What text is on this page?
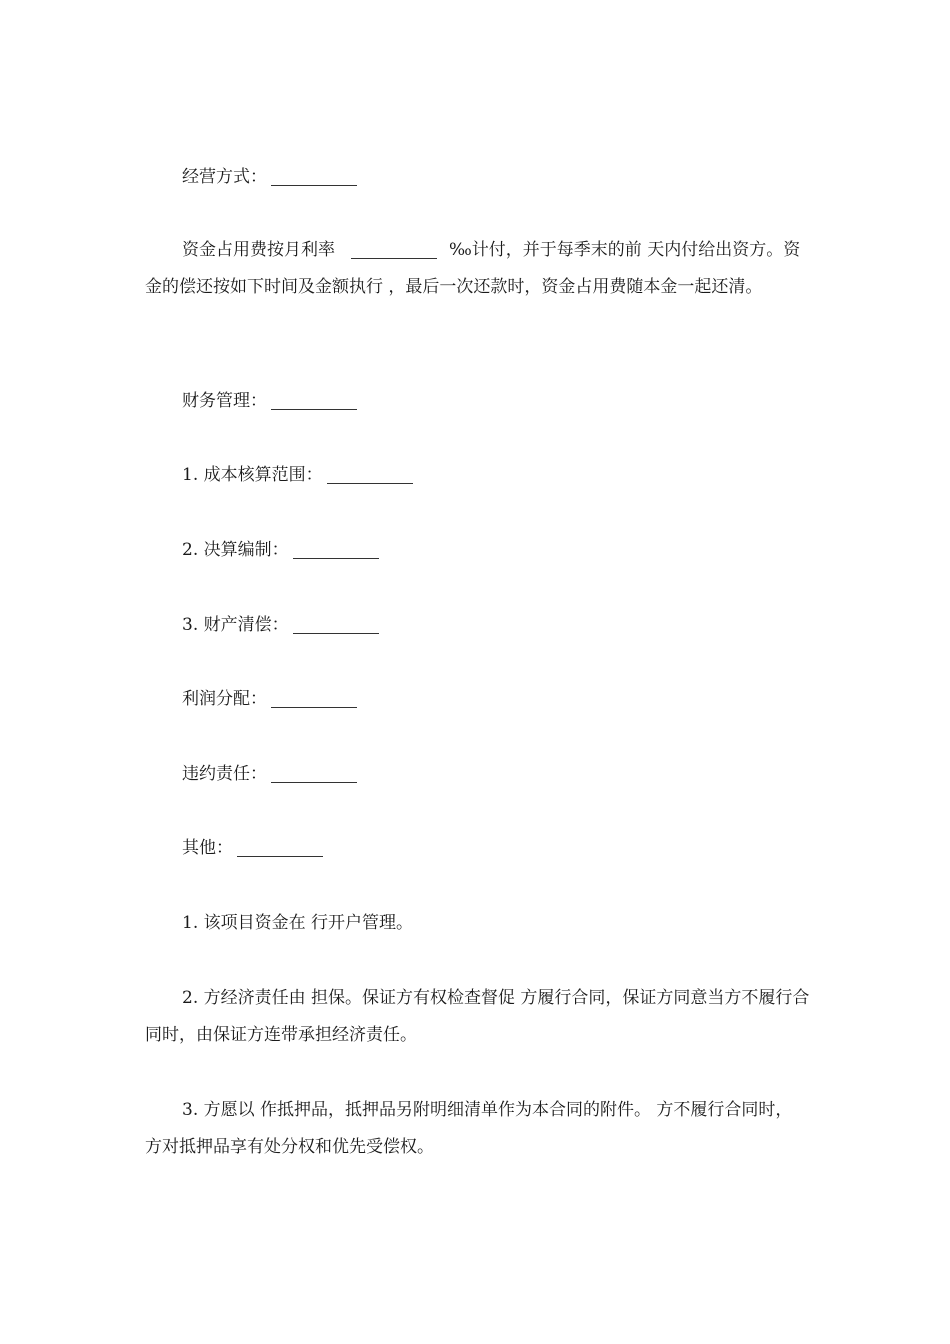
经营方式：

资金占用费按月利率	‰计付，并于每季末的前 天内付给出资方。资金的偿还按如下时间及金额执行 ，最后一次还款时，资金占用费随本金一起还清。

财务管理：

1. 成本核算范围：

2. 决算编制：

3. 财产清偿：

利润分配：

违约责任：

其他：

1. 该项目资金在 行开户管理。

2. 方经济责任由 担保。保证方有权检查督促 方履行合同，保证方同意当方不履行合同时，由保证方连带承担经济责任。

3. 方愿以 作抵押品，抵押品另附明细清单作为本合同的附件。 方不履行合同时， 方对抵押品享有处分权和优先受偿权。
